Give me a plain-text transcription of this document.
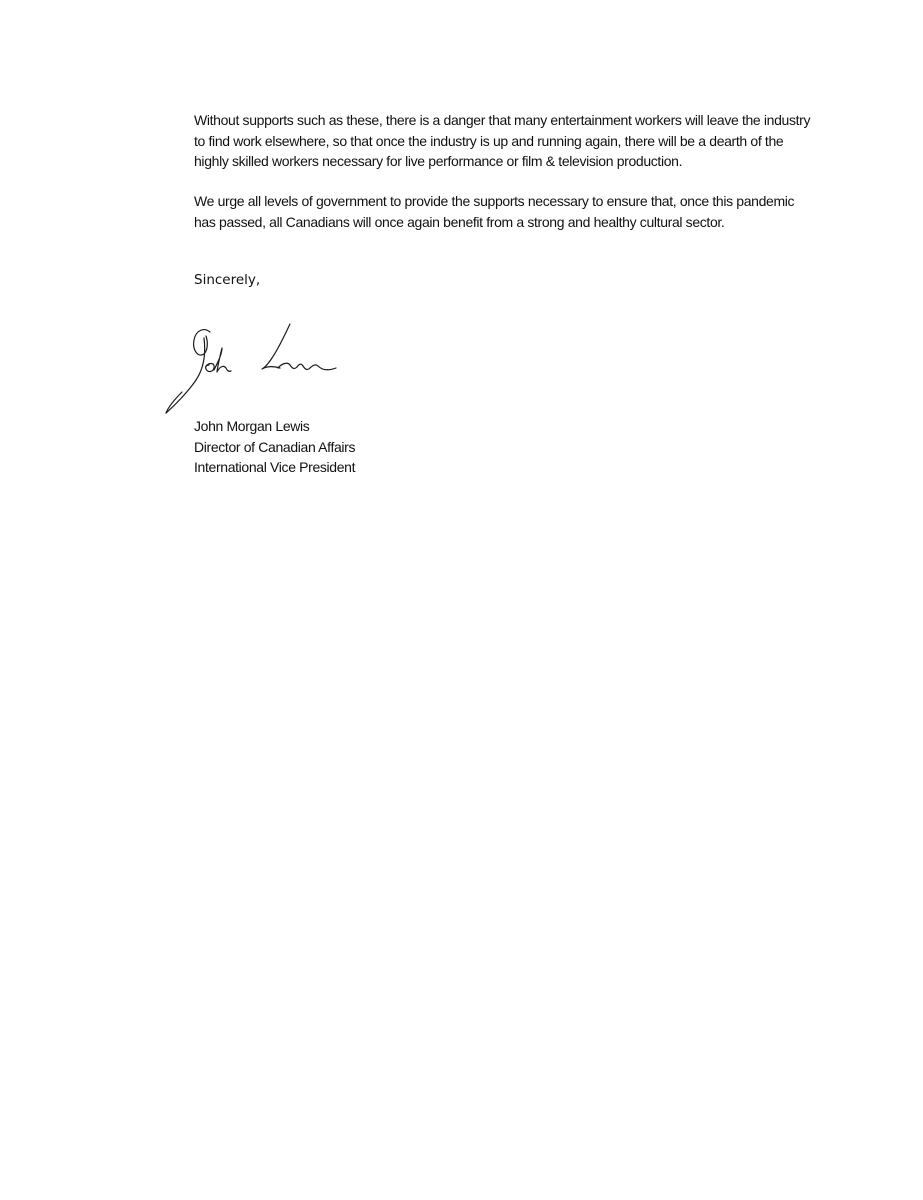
Without supports such as these, there is a danger that many entertainment workers will leave the industry to find work elsewhere, so that once the industry is up and running again, there will be a dearth of the highly skilled workers necessary for live performance or film & television production.

We urge all levels of government to provide the supports necessary to ensure that, once this pandemic has passed, all Canadians will once again benefit from a strong and healthy cultural sector.

Sincerely,

John Morgan Lewis
Director of Canadian Affairs
International Vice President
